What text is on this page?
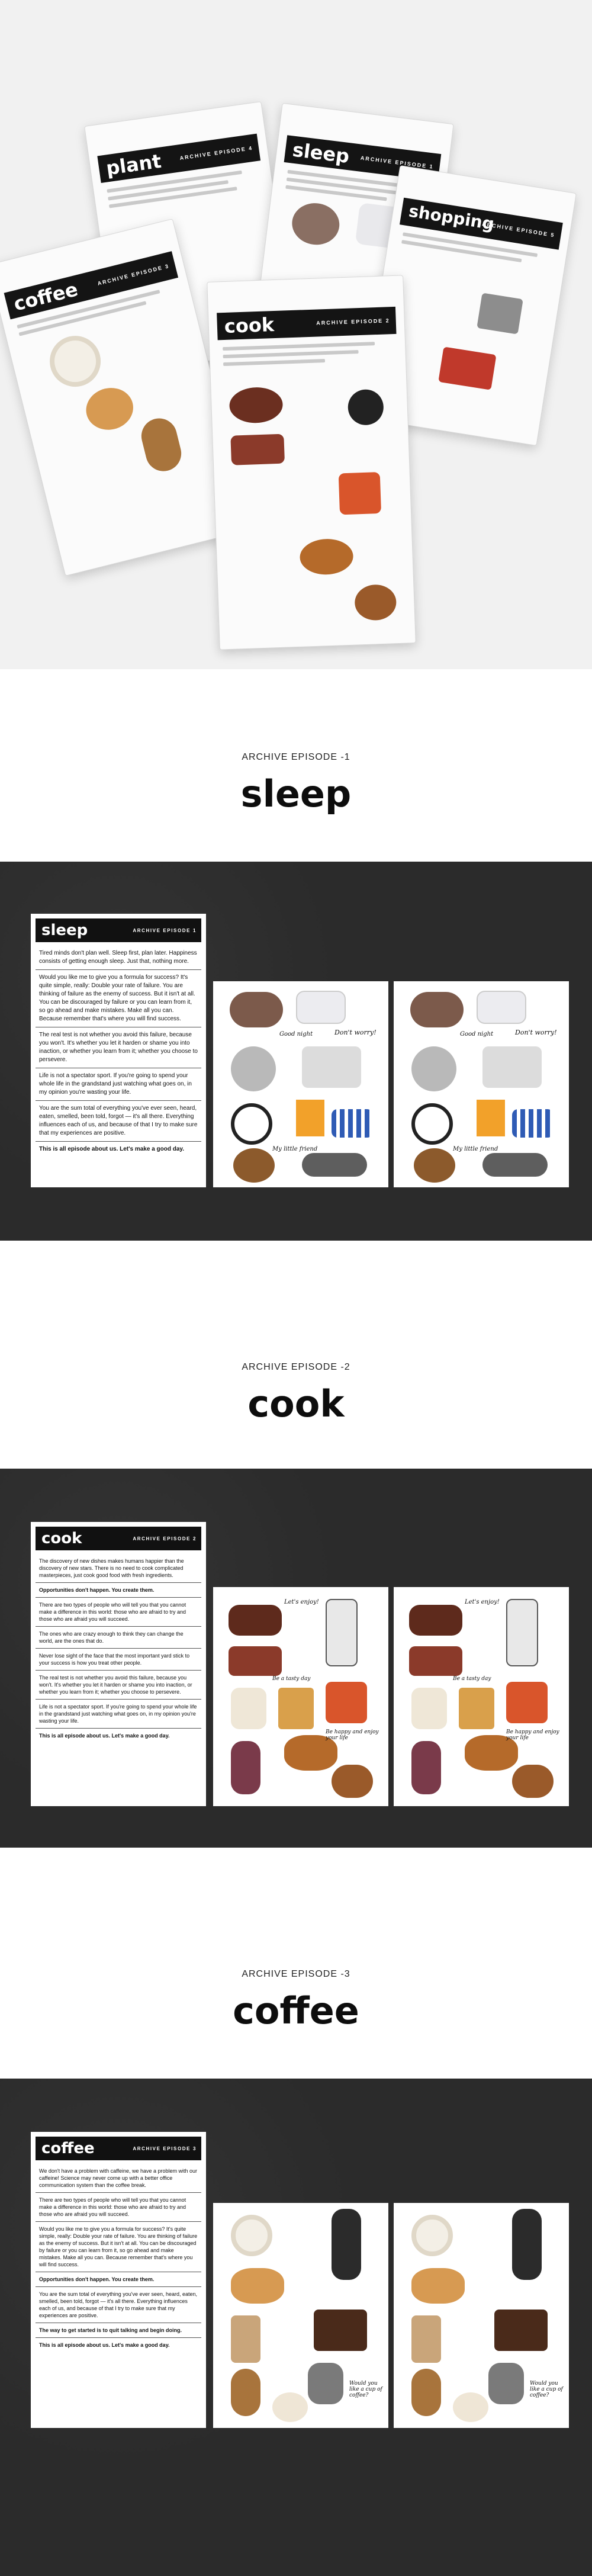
plant	ARCHIVE EPISODE 4 sleep ARCHIVE EPISODE 1
shopping
ARCHIVE EPISODE 5
coffee
ARCHIVE EPISODE 3
cook	ARCHIVE EPISODE 2
ARCHIVE EPISODE -1
sleep
sleep	ARCHIVE EPISODE 1
Tired minds don't plan well. Sleep first, plan later. Happiness consists of getting enough sleep. Just that, nothing more.
Would you like me to give you a formula for success? It's quite simple, really: Double your rate of failure. You are thinking of failure as the enemy of success. But it isn't at all. You can be discouraged by failure or you can learn from it, so go ahead and make mistakes. Make all you can. Because remember that's where you will find success.
The real test is not whether you avoid this failure, because you won't. It's whether you let it harden or shame you into inaction, or whether you learn from it; whether you choose to persevere.
Life is not a spectator sport. If you're going to spend your whole life in the grandstand just watching what goes on, in my opinion you're wasting your life.
You are the sum total of everything you've ever seen, heard, eaten, smelled, been told, forgot — it's all there. Everything influences each of us, and because of that I try to make sure that my experiences are positive.
This is all episode about us. Let's make a good day.
Good night	Don't worry!
My little friend
Good night	Don't worry!
My little friend
ARCHIVE EPISODE -2
cook
cook	ARCHIVE EPISODE 2
The discovery of new dishes makes humans happier than the discovery of new stars. There is no need to cook complicated masterpieces, just cook good food with fresh ingredients.
Opportunities don't happen. You create them.
There are two types of people who will tell you that you cannot make a difference in this world: those who are afraid to try and those who are afraid you will succeed.
The ones who are crazy enough to think they can change the world, are the ones that do.
Never lose sight of the face that the most important yard stick to your success is how you treat other people.
The real test is not whether you avoid this failure, because you won't. It's whether you let it harden or shame you into inaction, or whether you learn from it; whether you choose to persevere.
Life is not a spectator sport. If you're going to spend your whole life in the grandstand just watching what goes on, in my opinion you're wasting your life.
This is all episode about us. Let's make a good day.
Let's enjoy!
Be a tasty day
Be happy and enjoy your life
Let's enjoy!
Be a tasty day
Be happy and enjoy your life
ARCHIVE EPISODE -3
coffee
coffee	ARCHIVE EPISODE 3
We don't have a problem with caffeine, we have a problem with our caffeine! Science may never come up with a better office communication system than the coffee break.
There are two types of people who will tell you that you cannot make a difference in this world: those who are afraid to try and those who are afraid you will succeed.
Would you like me to give you a formula for success? It's quite simple, really: Double your rate of failure. You are thinking of failure as the enemy of success. But it isn't at all. You can be discouraged by failure or you can learn from it, so go ahead and make mistakes. Make all you can. Because remember that's where you will find success.
Opportunities don't happen. You create them.
You are the sum total of everything you've ever seen, heard, eaten, smelled, been told, forgot — it's all there. Everything influences each of us, and because of that I try to make sure that my experiences are positive.
The way to get started is to quit talking and begin doing.
This is all episode about us. Let's make a good day.
Would you like a cup of coffee?
Would you like a cup of coffee?
